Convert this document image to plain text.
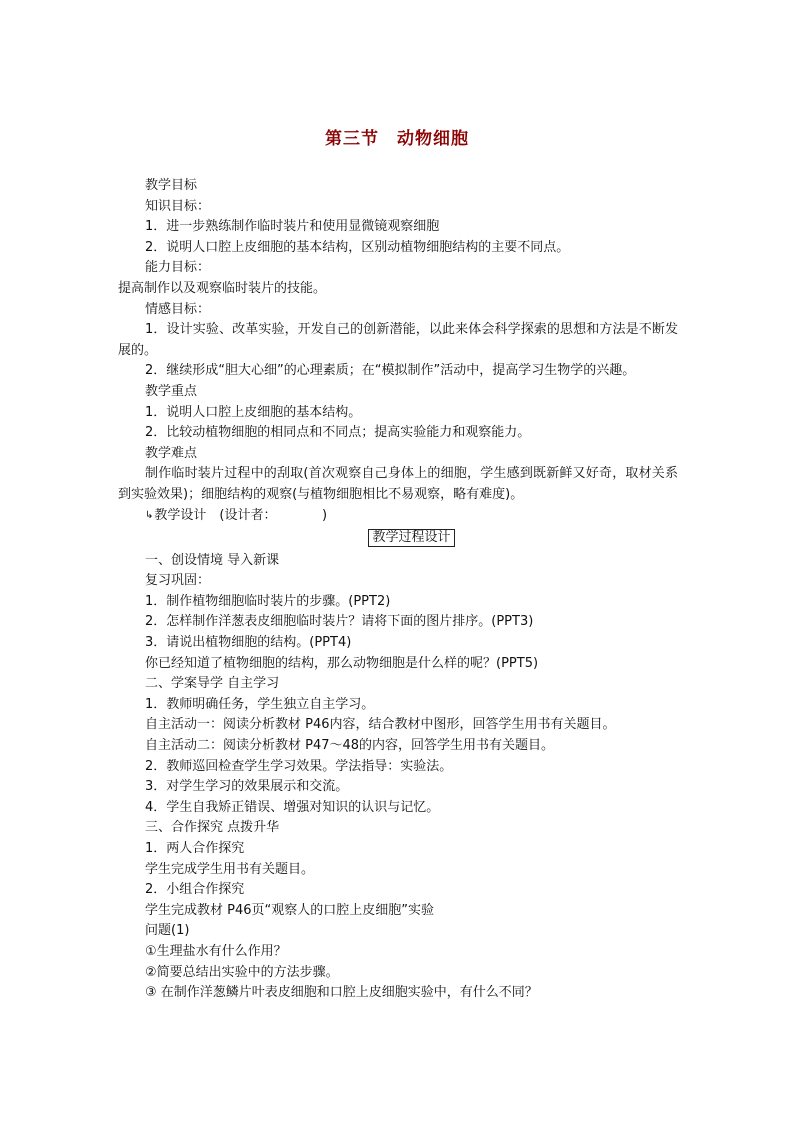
第三节　动物细胞
教学目标
知识目标：
1．进一步熟练制作临时装片和使用显微镜观察细胞
2．说明人口腔上皮细胞的基本结构，区别动植物细胞结构的主要不同点。
能力目标：
提高制作以及观察临时装片的技能。
情感目标：
1．设计实验、改革实验，开发自己的创新潜能，以此来体会科学探索的思想和方法是不断发展的。
2．继续形成“胆大心细”的心理素质；在“模拟制作”活动中，提高学习生物学的兴趣。
教学重点
1．说明人口腔上皮细胞的基本结构。
2．比较动植物细胞的相同点和不同点；提高实验能力和观察能力。
教学难点
制作临时装片过程中的刮取(首次观察自己身体上的细胞，学生感到既新鲜又好奇，取材关系到实验效果)；细胞结构的观察(与植物细胞相比不易观察，略有难度)。
↳教学设计　(设计者：　　　　)
教学过程设计
一、创设情境 导入新课
复习巩固：
1．制作植物细胞临时装片的步骤。(PPT2)
2．怎样制作洋葱表皮细胞临时装片？请将下面的图片排序。(PPT3)
3．请说出植物细胞的结构。(PPT4)
你已经知道了植物细胞的结构，那么动物细胞是什么样的呢？(PPT5)
二、学案导学 自主学习
1．教师明确任务，学生独立自主学习。
自主活动一：阅读分析教材 P46内容，结合教材中图形，回答学生用书有关题目。
自主活动二：阅读分析教材 P47～48的内容，回答学生用书有关题目。
2．教师巡回检查学生学习效果。学法指导：实验法。
3．对学生学习的效果展示和交流。
4．学生自我矫正错误、增强对知识的认识与记忆。
三、合作探究 点拨升华
1．两人合作探究
学生完成学生用书有关题目。
2．小组合作探究
学生完成教材 P46页“观察人的口腔上皮细胞”实验
问题(1)
①生理盐水有什么作用？
②简要总结出实验中的方法步骤。
③ 在制作洋葱鳞片叶表皮细胞和口腔上皮细胞实验中，有什么不同？
